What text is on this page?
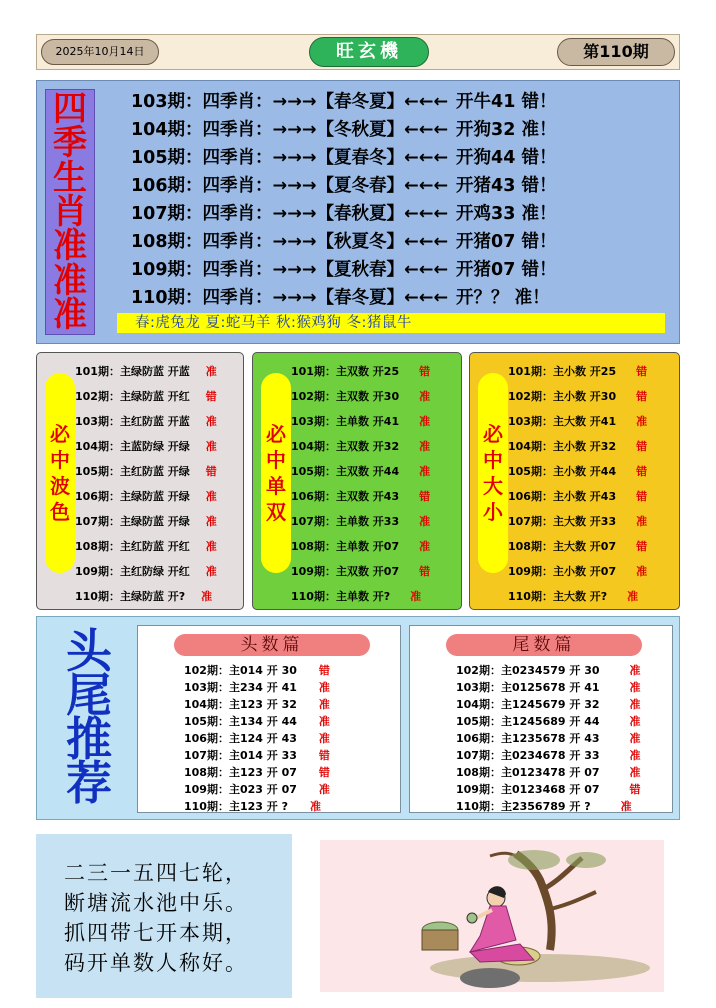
2025年10月14日	旺玄機	第110期
四
季
生
肖
准
准
准
103期：四季肖：→→→【春冬夏】←←← 开牛41 错！
104期：四季肖：→→→【冬秋夏】←←← 开狗32 准！
105期：四季肖：→→→【夏春冬】←←← 开狗44 错！
106期：四季肖：→→→【夏冬春】←←← 开猪43 错！
107期：四季肖：→→→【春秋夏】←←← 开鸡33 准！
108期：四季肖：→→→【秋夏冬】←←← 开猪07 错！
109期：四季肖：→→→【夏秋春】←←← 开猪07 错！
110期：四季肖：→→→【春冬夏】←←← 开？？ 准！
春:虎兔龙 夏:蛇马羊 秋:猴鸡狗 冬:猪鼠牛
必
中
波
色
101期：主绿防蓝 开蓝 准
102期：主绿防蓝 开红 错
103期：主红防蓝 开蓝 准
104期：主蓝防绿 开绿 准
105期：主红防蓝 开绿 错
106期：主绿防蓝 开绿 准
107期：主绿防蓝 开绿 准
108期：主红防蓝 开红 准
109期：主红防绿 开红 准
110期：主绿防蓝 开? 准
必
中
单
双
101期：主双数 开25 错
102期：主双数 开30 准
103期：主单数 开41 准
104期：主双数 开32 准
105期：主双数 开44 准
106期：主双数 开43 错
107期：主单数 开33 准
108期：主单数 开07 准
109期：主双数 开07 错
110期：主单数 开? 准
必
中
大
小
101期：主小数 开25 错
102期：主小数 开30 错
103期：主大数 开41 准
104期：主小数 开32 错
105期：主小数 开44 错
106期：主小数 开43 错
107期：主大数 开33 准
108期：主大数 开07 错
109期：主小数 开07 准
110期：主大数 开? 准
头
尾
推
荐
头数篇
102期：主014 开 30 错
103期：主234 开 41 准
104期：主123 开 32 准
105期：主134 开 44 准
106期：主124 开 43 准
107期：主014 开 33 错
108期：主123 开 07 错
109期：主023 开 07 准
110期：主123 开 ? 准
尾数篇
102期：主0234579 开 30	准
103期：主0125678 开 41	准
104期：主1245679 开 32	准
105期：主1245689 开 44	准
106期：主1235678 开 43	准
107期：主0234678 开 33	准
108期：主0123478 开 07	准
109期：主0123468 开 07	错
110期：主2356789 开 ?	准
二三一五四七轮，
断塘流水池中乐。
抓四带七开本期，
码开单数人称好。
